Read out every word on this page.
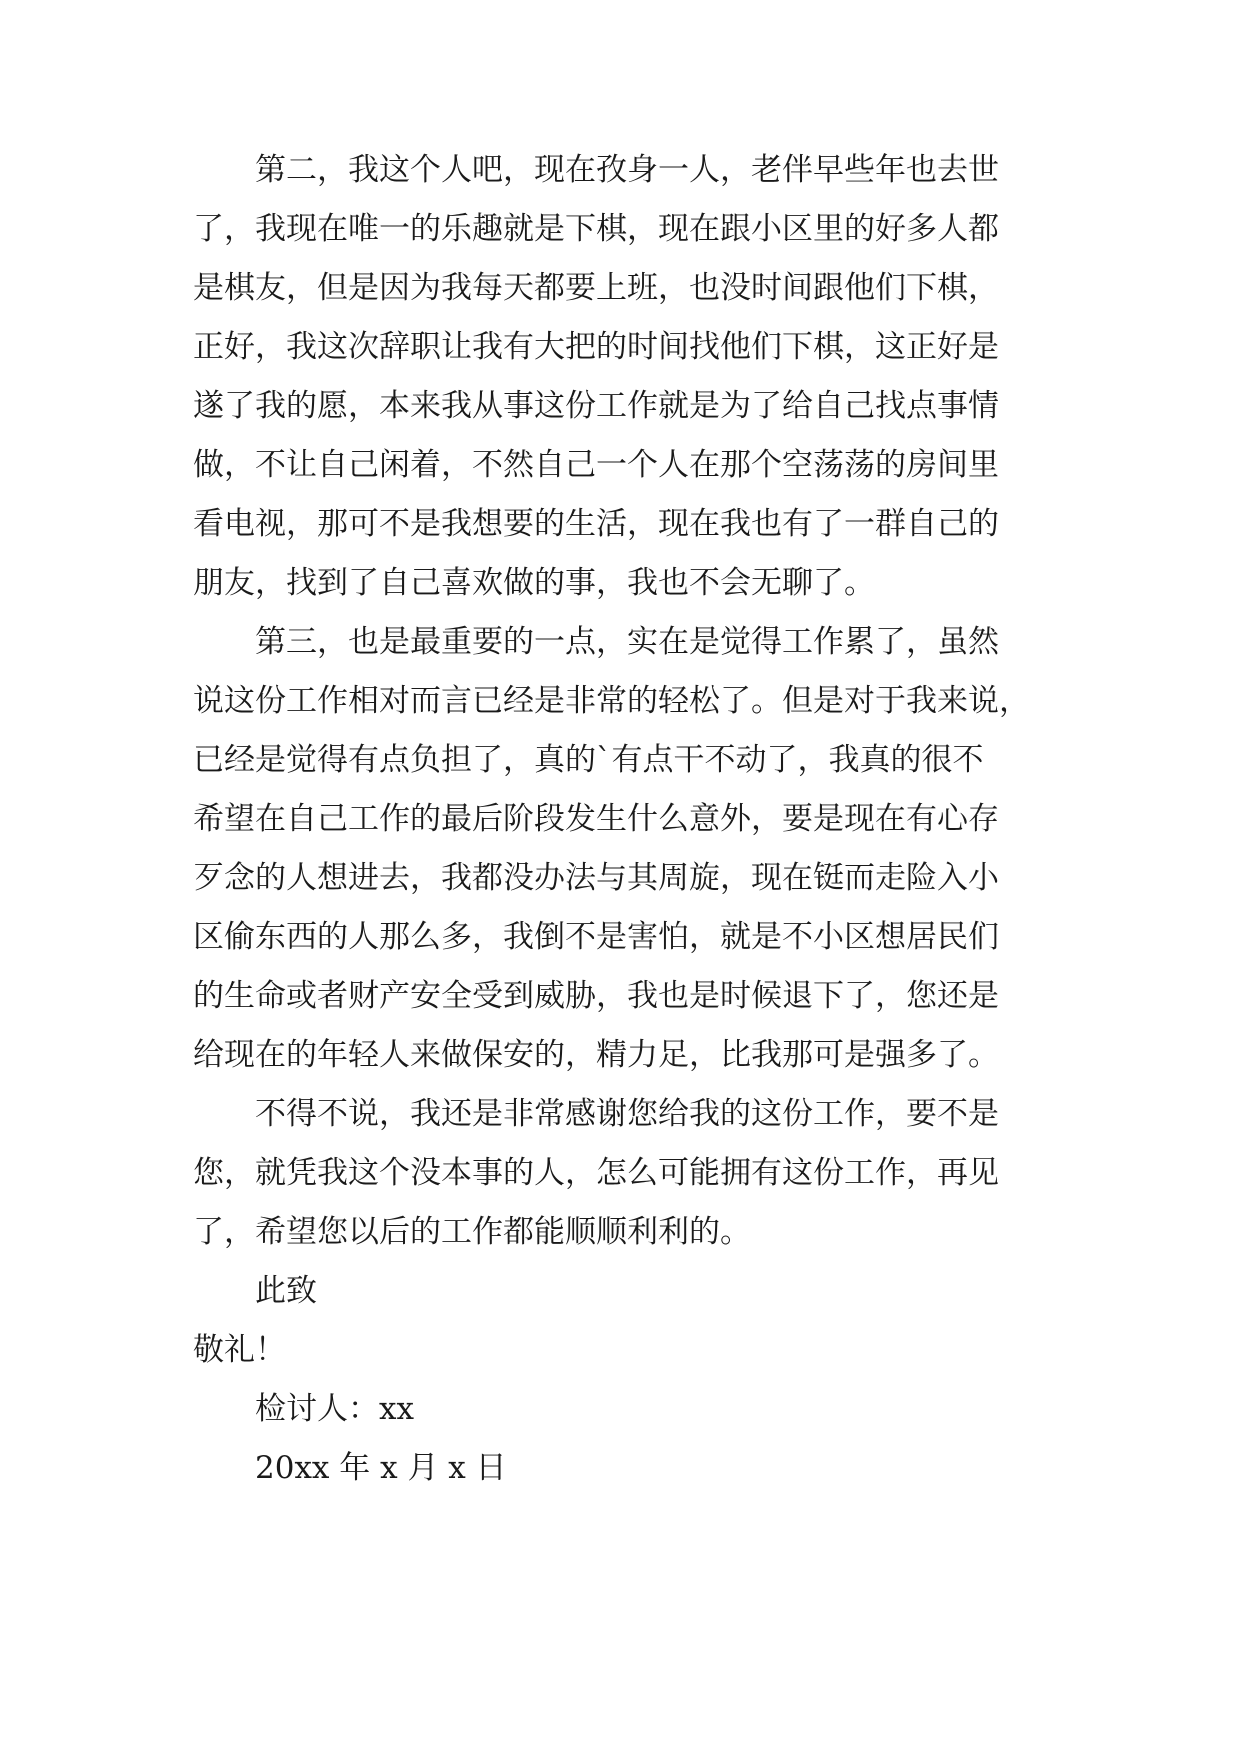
第二，我这个人吧，现在孜身一人，老伴早些年也去世
了，我现在唯一的乐趣就是下棋，现在跟小区里的好多人都
是棋友，但是因为我每天都要上班，也没时间跟他们下棋，
正好，我这次辞职让我有大把的时间找他们下棋，这正好是
遂了我的愿，本来我从事这份工作就是为了给自己找点事情
做，不让自己闲着，不然自己一个人在那个空荡荡的房间里
看电视，那可不是我想要的生活，现在我也有了一群自己的
朋友，找到了自己喜欢做的事，我也不会无聊了。
第三，也是最重要的一点，实在是觉得工作累了，虽然
说这份工作相对而言已经是非常的轻松了。但是对于我来说，
已经是觉得有点负担了，真的`有点干不动了，我真的很不
希望在自己工作的最后阶段发生什么意外，要是现在有心存
歹念的人想进去，我都没办法与其周旋，现在铤而走险入小
区偷东西的人那么多，我倒不是害怕，就是不小区想居民们
的生命或者财产安全受到威胁，我也是时候退下了，您还是
给现在的年轻人来做保安的，精力足，比我那可是强多了。
不得不说，我还是非常感谢您给我的这份工作，要不是
您，就凭我这个没本事的人，怎么可能拥有这份工作，再见
了，希望您以后的工作都能顺顺利利的。
此致
敬礼！
检讨人：xx
20xx 年 x 月 x 日
